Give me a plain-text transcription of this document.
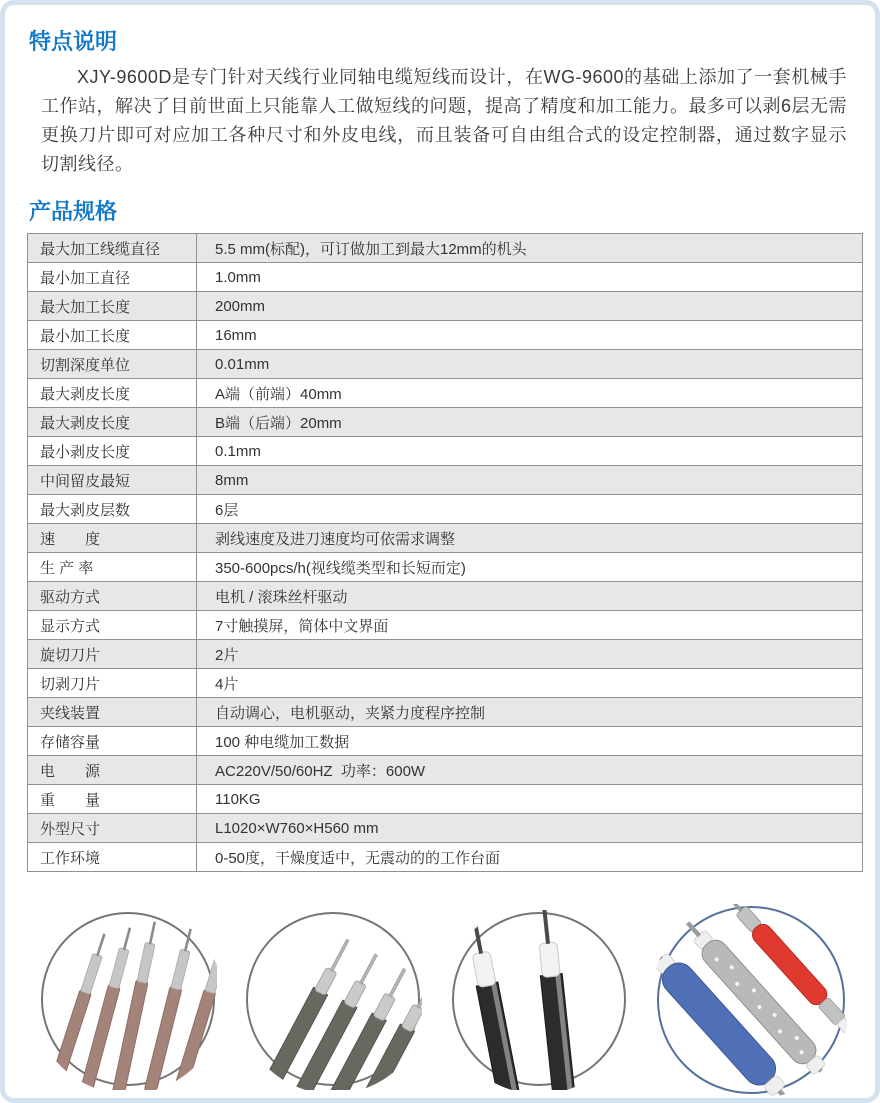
特点说明

XJY-9600D是专门针对天线行业同轴电缆短线而设计，在WG-9600的基础上添加了一套机械手工作站，解决了目前世面上只能靠人工做短线的问题，提高了精度和加工能力。最多可以剥6层无需更换刀片即可对应加工各种尺寸和外皮电线，而且装备可自由组合式的设定控制器，通过数字显示切割线径。

产品规格
最大加工线缆直径	5.5 mm(标配)，可订做加工到最大12mm的机头
最小加工直径	1.0mm
最大加工长度	200mm
最小加工长度	16mm
切割深度单位	0.01mm
最大剥皮长度	A端（前端）40mm
最大剥皮长度	B端（后端）20mm
最小剥皮长度	0.1mm
中间留皮最短	8mm
最大剥皮层数	6层
速　　度	剥线速度及进刀速度均可依需求调整
生 产 率	350-600pcs/h(视线缆类型和长短而定)
驱动方式	电机 / 滚珠丝杆驱动
显示方式	7寸触摸屏，简体中文界面
旋切刀片	2片
切剥刀片	4片
夹线装置	自动调心，电机驱动，夹紧力度程序控制
存储容量	100 种电缆加工数据
电　　源	AC220V/50/60HZ  功率：600W
重　　量	110KG
外型尺寸	L1020×W760×H560 mm
工作环境	0-50度，干燥度适中，无震动的的工作台面
